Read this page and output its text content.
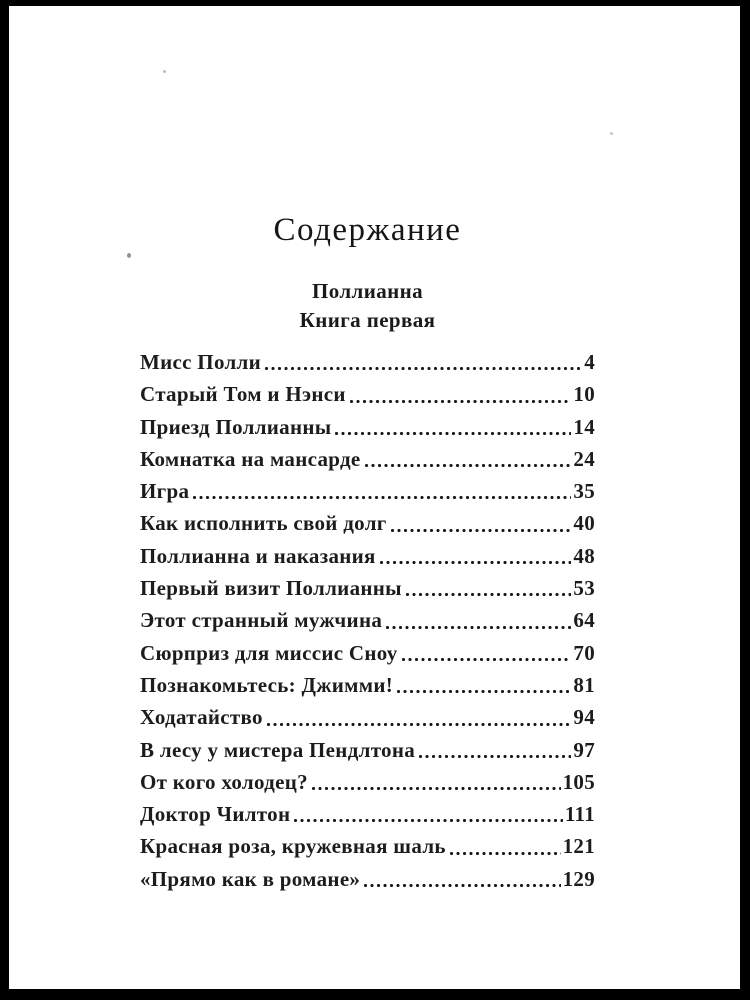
Содержание
Поллианна
Книга первая
Мисс Полли	4
Старый Том и Нэнси	10
Приезд Поллианны	14
Комнатка на мансарде	24
Игра	35
Как исполнить свой долг	40
Поллианна и наказания	48
Первый визит Поллианны	53
Этот странный мужчина	64
Сюрприз для миссис Сноу	70
Познакомьтесь: Джимми!	81
Ходатайство	94
В лесу у мистера Пендлтона	97
От кого холодец?	105
Доктор Чилтон	111
Красная роза, кружевная шаль	121
«Прямо как в романе»	129
